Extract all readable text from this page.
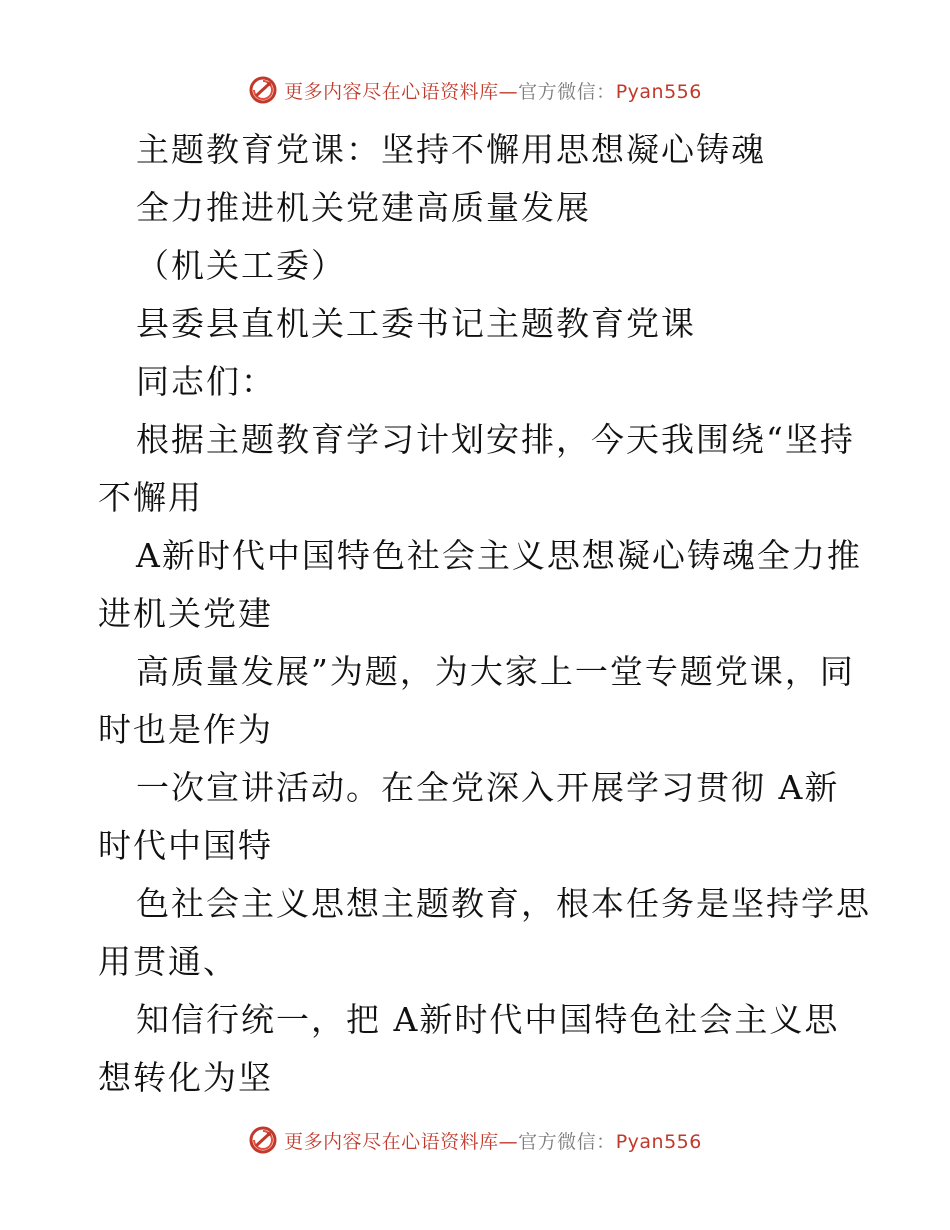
更多内容尽在心语资料库—官方微信：Pyan556
主题教育党课：坚持不懈用思想凝心铸魂
全力推进机关党建高质量发展
（机关工委）
县委县直机关工委书记主题教育党课
同志们：
根据主题教育学习计划安排，今天我围绕“坚持
不懈用
A新时代中国特色社会主义思想凝心铸魂全力推
进机关党建
高质量发展”为题，为大家上一堂专题党课，同
时也是作为
一次宣讲活动。在全党深入开展学习贯彻 A新
时代中国特
色社会主义思想主题教育，根本任务是坚持学思
用贯通、
知信行统一，把 A新时代中国特色社会主义思
想转化为坚
更多内容尽在心语资料库—官方微信：Pyan556
